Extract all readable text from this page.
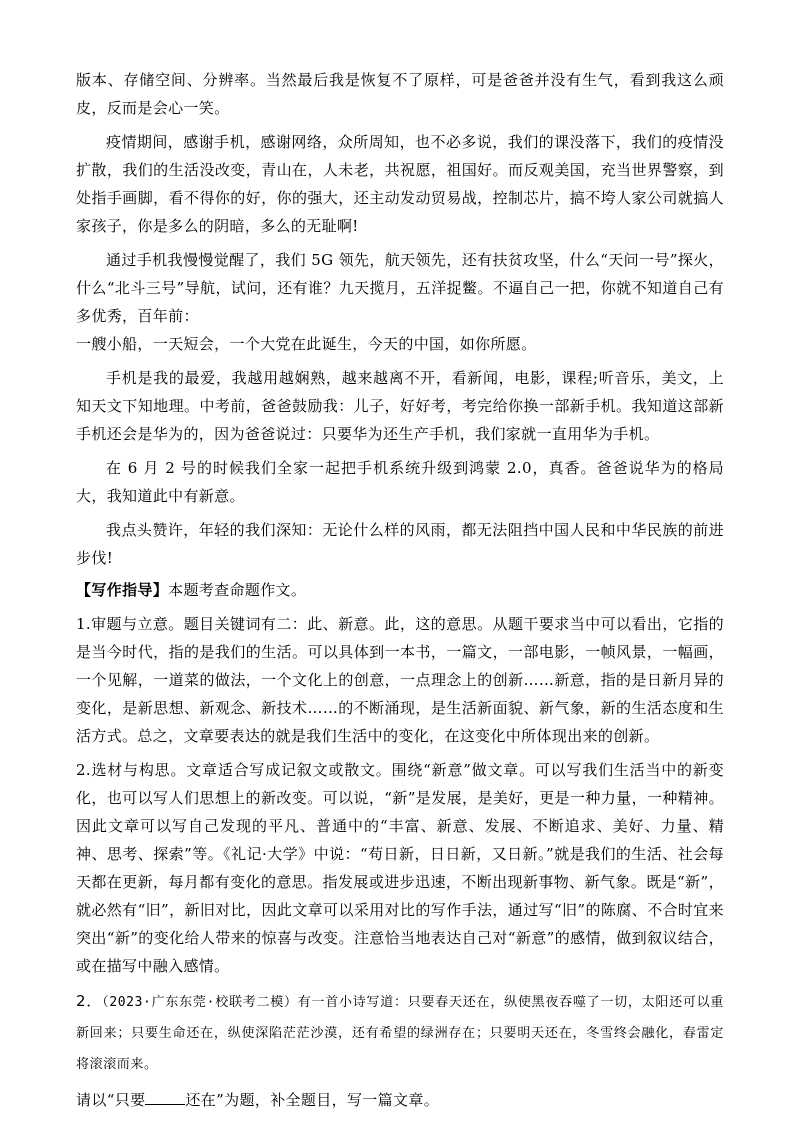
版本、存储空间、分辨率。当然最后我是恢复不了原样，可是爸爸并没有生气，看到我这么顽皮，反而是会心一笑。

疫情期间，感谢手机，感谢网络，众所周知，也不必多说，我们的课没落下，我们的疫情没扩散，我们的生活没改变，青山在，人未老，共祝愿，祖国好。而反观美国，充当世界警察，到处指手画脚，看不得你的好，你的强大，还主动发动贸易战，控制芯片，搞不垮人家公司就搞人家孩子，你是多么的阴暗，多么的无耻啊!

通过手机我慢慢觉醒了，我们 5G 领先，航天领先，还有扶贫攻坚，什么“天问一号”探火，什么“北斗三号”导航，试问，还有谁？九天揽月，五洋捉鳖。不逼自己一把，你就不知道自己有多优秀，百年前：

一艘小船，一天短会，一个大党在此诞生，今天的中国，如你所愿。

手机是我的最爱，我越用越娴熟，越来越离不开，看新闻，电影，课程;听音乐，美文，上知天文下知地理。中考前，爸爸鼓励我：儿子，好好考，考完给你换一部新手机。我知道这部新手机还会是华为的，因为爸爸说过：只要华为还生产手机，我们家就一直用华为手机。

在 6 月 2 号的时候我们全家一起把手机系统升级到鸿蒙 2.0，真香。爸爸说华为的格局大，我知道此中有新意。

我点头赞许，年轻的我们深知：无论什么样的风雨，都无法阻挡中国人民和中华民族的前进步伐!

【写作指导】本题考查命题作文。

1.审题与立意。题目关键词有二：此、新意。此，这的意思。从题干要求当中可以看出，它指的是当今时代，指的是我们的生活。可以具体到一本书，一篇文，一部电影，一帧风景，一幅画，一个见解，一道菜的做法，一个文化上的创意，一点理念上的创新……新意，指的是日新月异的变化，是新思想、新观念、新技术……的不断涌现，是生活新面貌、新气象，新的生活态度和生活方式。总之，文章要表达的就是我们生活中的变化，在这变化中所体现出来的创新。

2.选材与构思。文章适合写成记叙文或散文。围绕“新意”做文章。可以写我们生活当中的新变化，也可以写人们思想上的新改变。可以说，“新”是发展，是美好，更是一种力量，一种精神。因此文章可以写自己发现的平凡、普通中的“丰富、新意、发展、不断追求、美好、力量、精神、思考、探索”等。《礼记·大学》中说：“苟日新，日日新，又日新。”就是我们的生活、社会每天都在更新，每月都有变化的意思。指发展或进步迅速，不断出现新事物、新气象。既是“新”，就必然有“旧”，新旧对比，因此文章可以采用对比的写作手法，通过写“旧”的陈腐、不合时宜来突出“新”的变化给人带来的惊喜与改变。注意恰当地表达自己对“新意”的感情，做到叙议结合，或在描写中融入感情。

2．（2023·广东东莞·校联考二模）有一首小诗写道：只要春天还在，纵使黑夜吞噬了一切，太阳还可以重新回来；只要生命还在，纵使深陷茫茫沙漠，还有希望的绿洲存在；只要明天还在，冬雪终会融化，春雷定将滚滚而来。

请以“只要	还在”为题，补全题目，写一篇文章。
